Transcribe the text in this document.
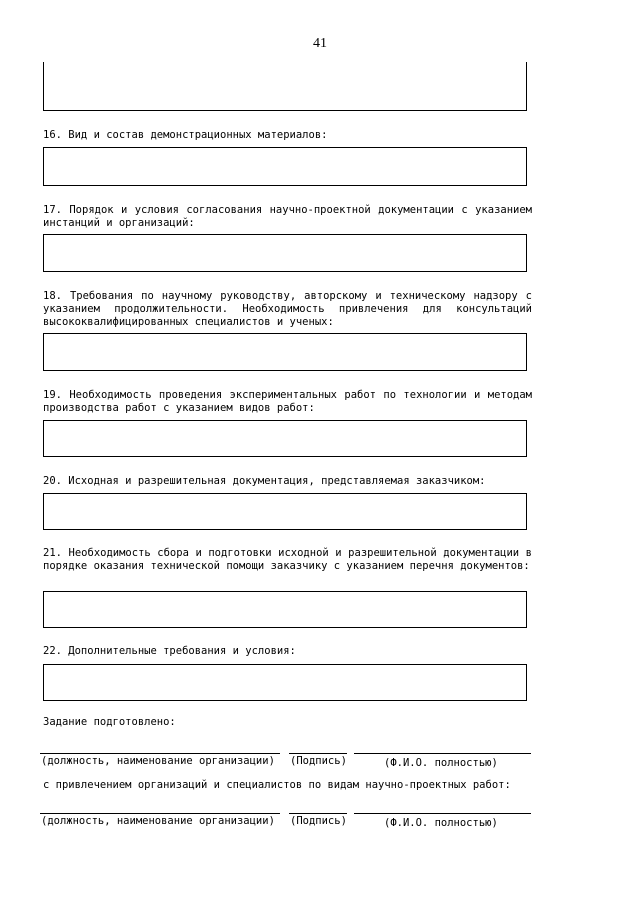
41
16. Вид и состав демонстрационных материалов:
17. Порядок и условия согласования научно-проектной документации с указанием инстанций и организаций:
18. Требования по научному руководству, авторскому и техническому надзору с указанием продолжительности. Необходимость привлечения для консультаций высококвалифицированных специалистов и ученых:
19. Необходимость проведения экспериментальных работ по технологии и методам производства работ с указанием видов работ:
20. Исходная и разрешительная документация, представляемая заказчиком:
21. Необходимость сбора и подготовки исходной и разрешительной документации в порядке оказания технической помощи заказчику с указанием перечня документов:
22. Дополнительные требования и условия:
Задание подготовлено:
(должность, наименование организации) (Подпись)	(Ф.И.О. полностью)
с привлечением организаций и специалистов по видам научно-проектных работ:
(должность, наименование организации) (Подпись)	(Ф.И.О. полностью)
